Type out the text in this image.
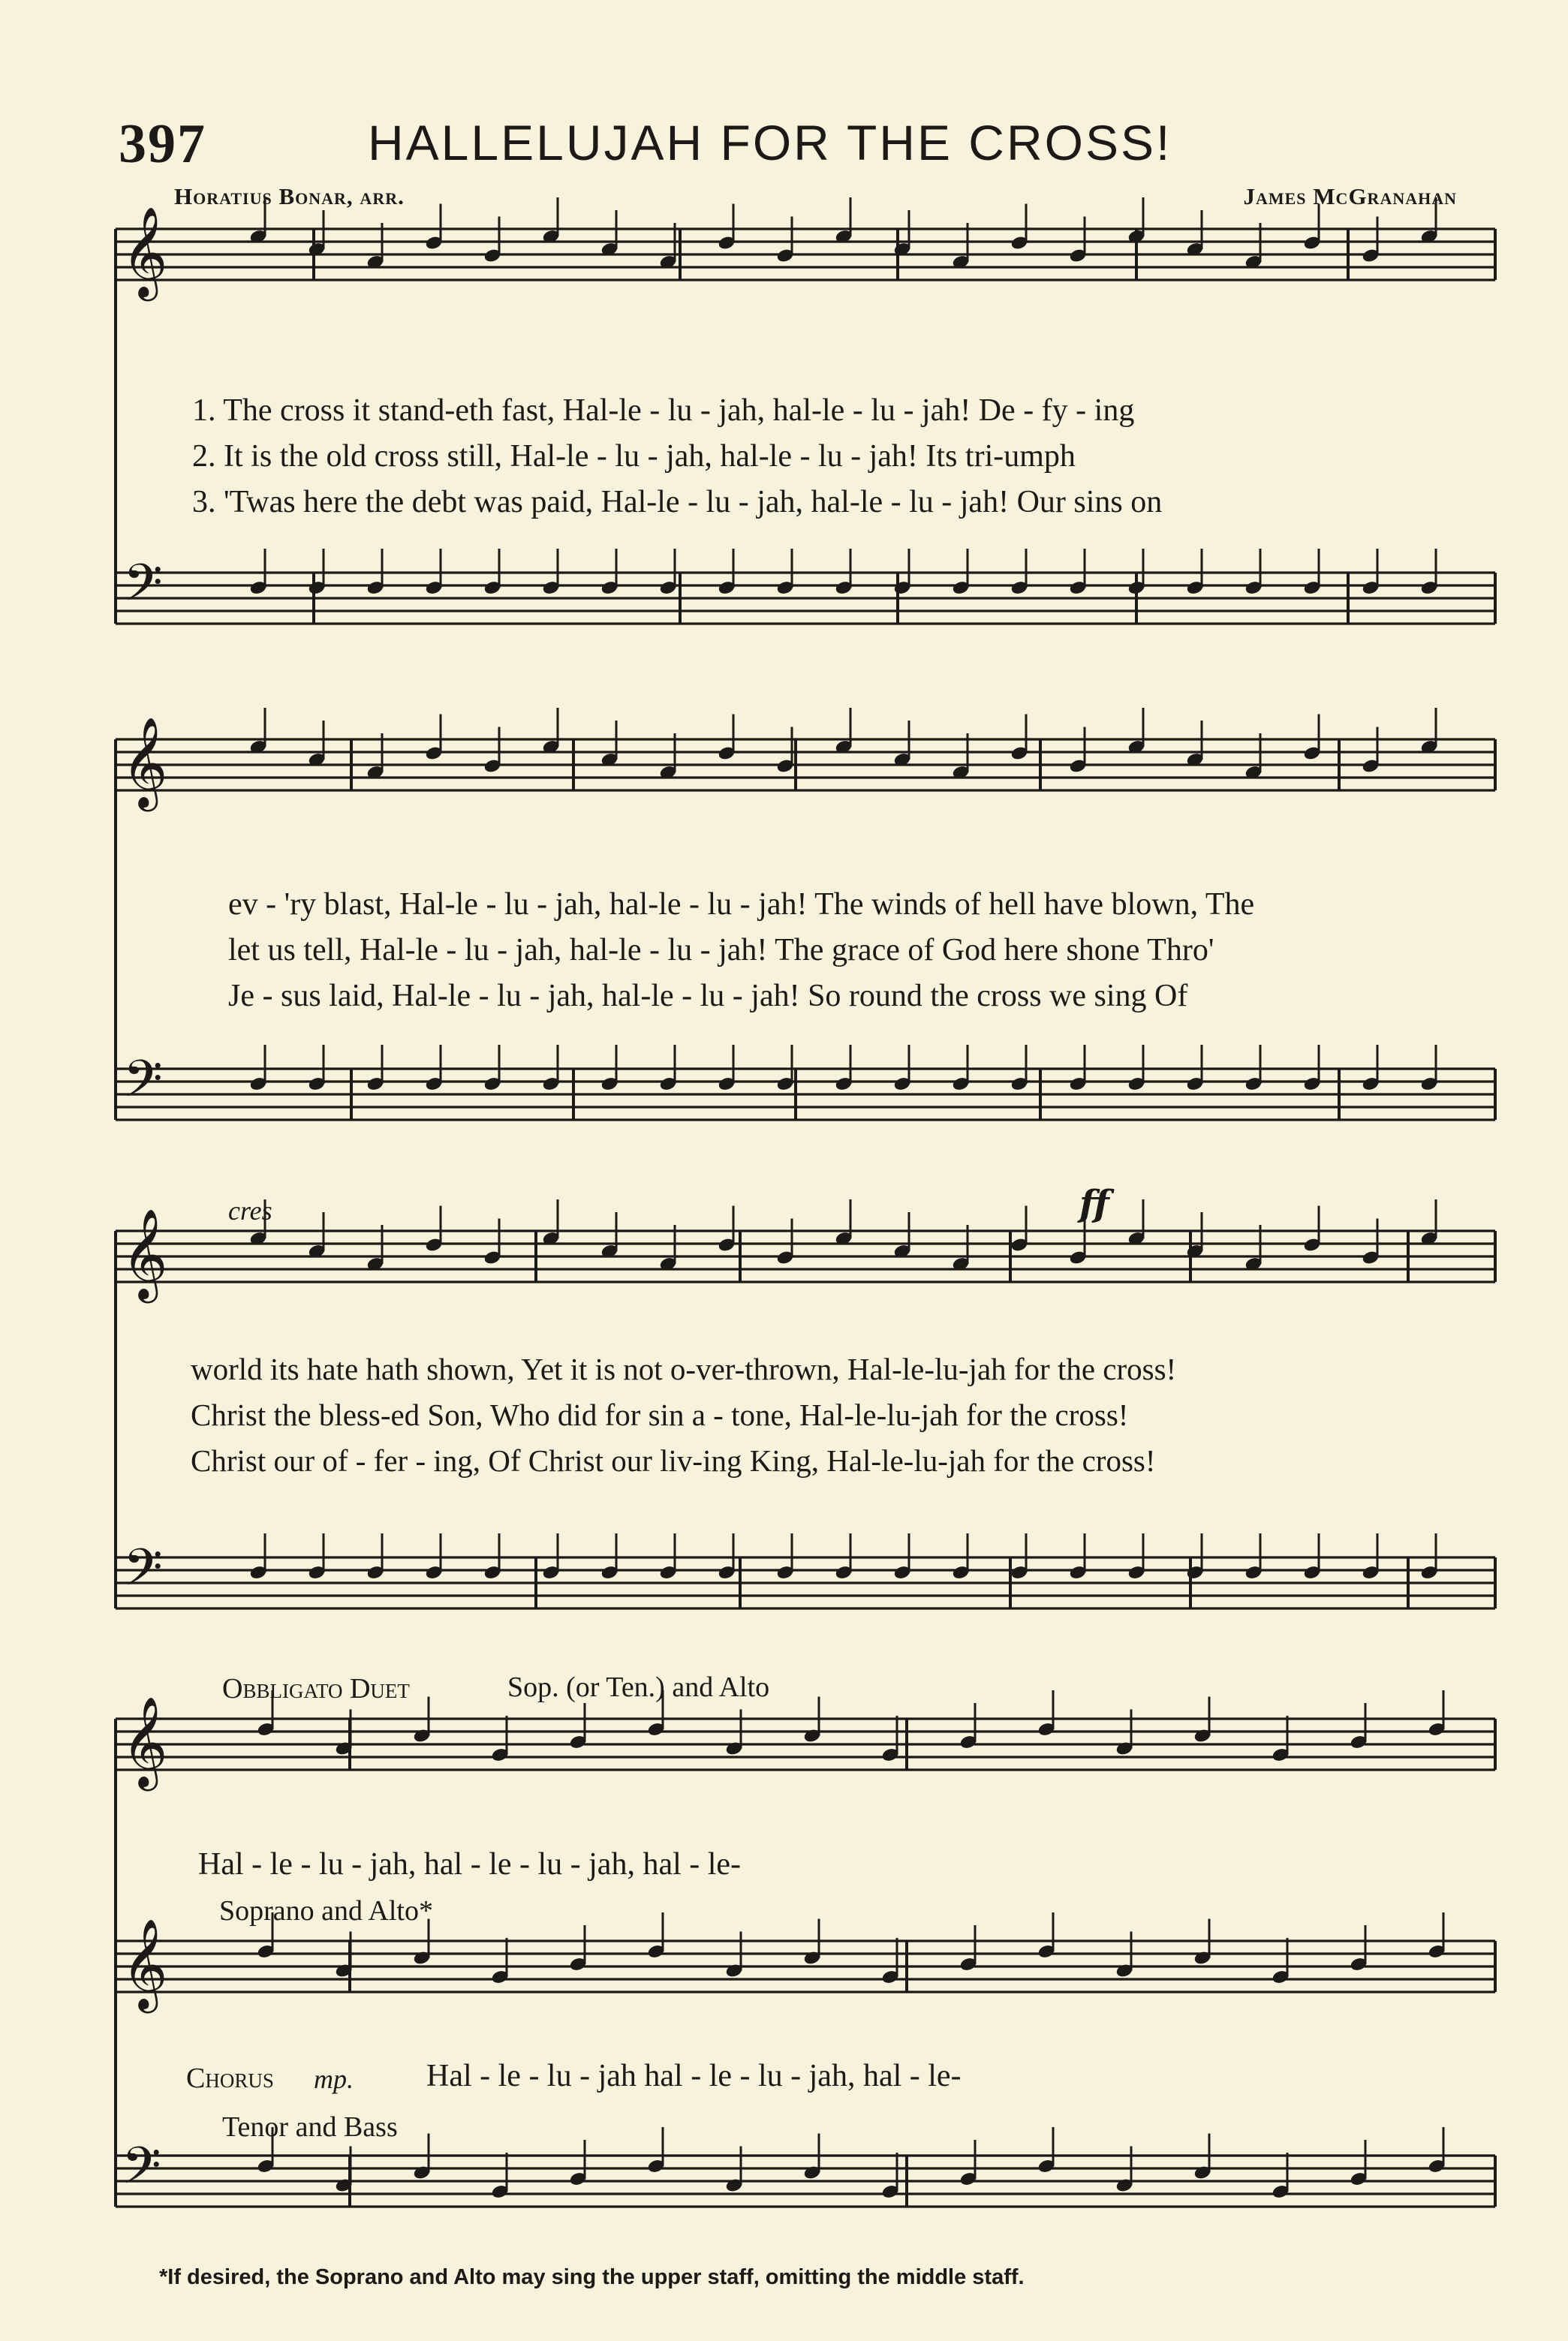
397	HALLELUJAH FOR THE CROSS!
Horatius Bonar, arr.	James McGranahan
𝄞
𝄢
𝄞
𝄢
𝄞
𝄢
𝄞
𝄞
𝄢
1. The cross it stand-eth fast, Hal-le - lu - jah, hal-le - lu - jah! De - fy - ing
2. It is the old cross still, Hal-le - lu - jah, hal-le - lu - jah! Its tri-umph
3. 'Twas here the debt was paid, Hal-le - lu - jah, hal-le - lu - jah! Our sins on
ev - 'ry blast, Hal-le - lu - jah, hal-le - lu - jah! The winds of hell have blown, The
let us tell, Hal-le - lu - jah, hal-le - lu - jah! The grace of God here shone Thro'
Je - sus laid, Hal-le - lu - jah, hal-le - lu - jah! So round the cross we sing Of
cres	ff
world its hate hath shown, Yet it is not o-ver-thrown, Hal-le-lu-jah for the cross!
Christ the bless-ed Son, Who did for sin a - tone, Hal-le-lu-jah for the cross!
Christ our of - fer - ing, Of Christ our liv-ing King, Hal-le-lu-jah for the cross!
Obbligato Duet	Sop. (or Ten.) and Alto
Hal - le - lu - jah, hal - le - lu - jah, hal - le-
Soprano and Alto*
Chorus mp. Hal - le - lu - jah hal - le - lu - jah, hal - le-
Tenor and Bass
*If desired, the Soprano and Alto may sing the upper staff, omitting the middle staff.
